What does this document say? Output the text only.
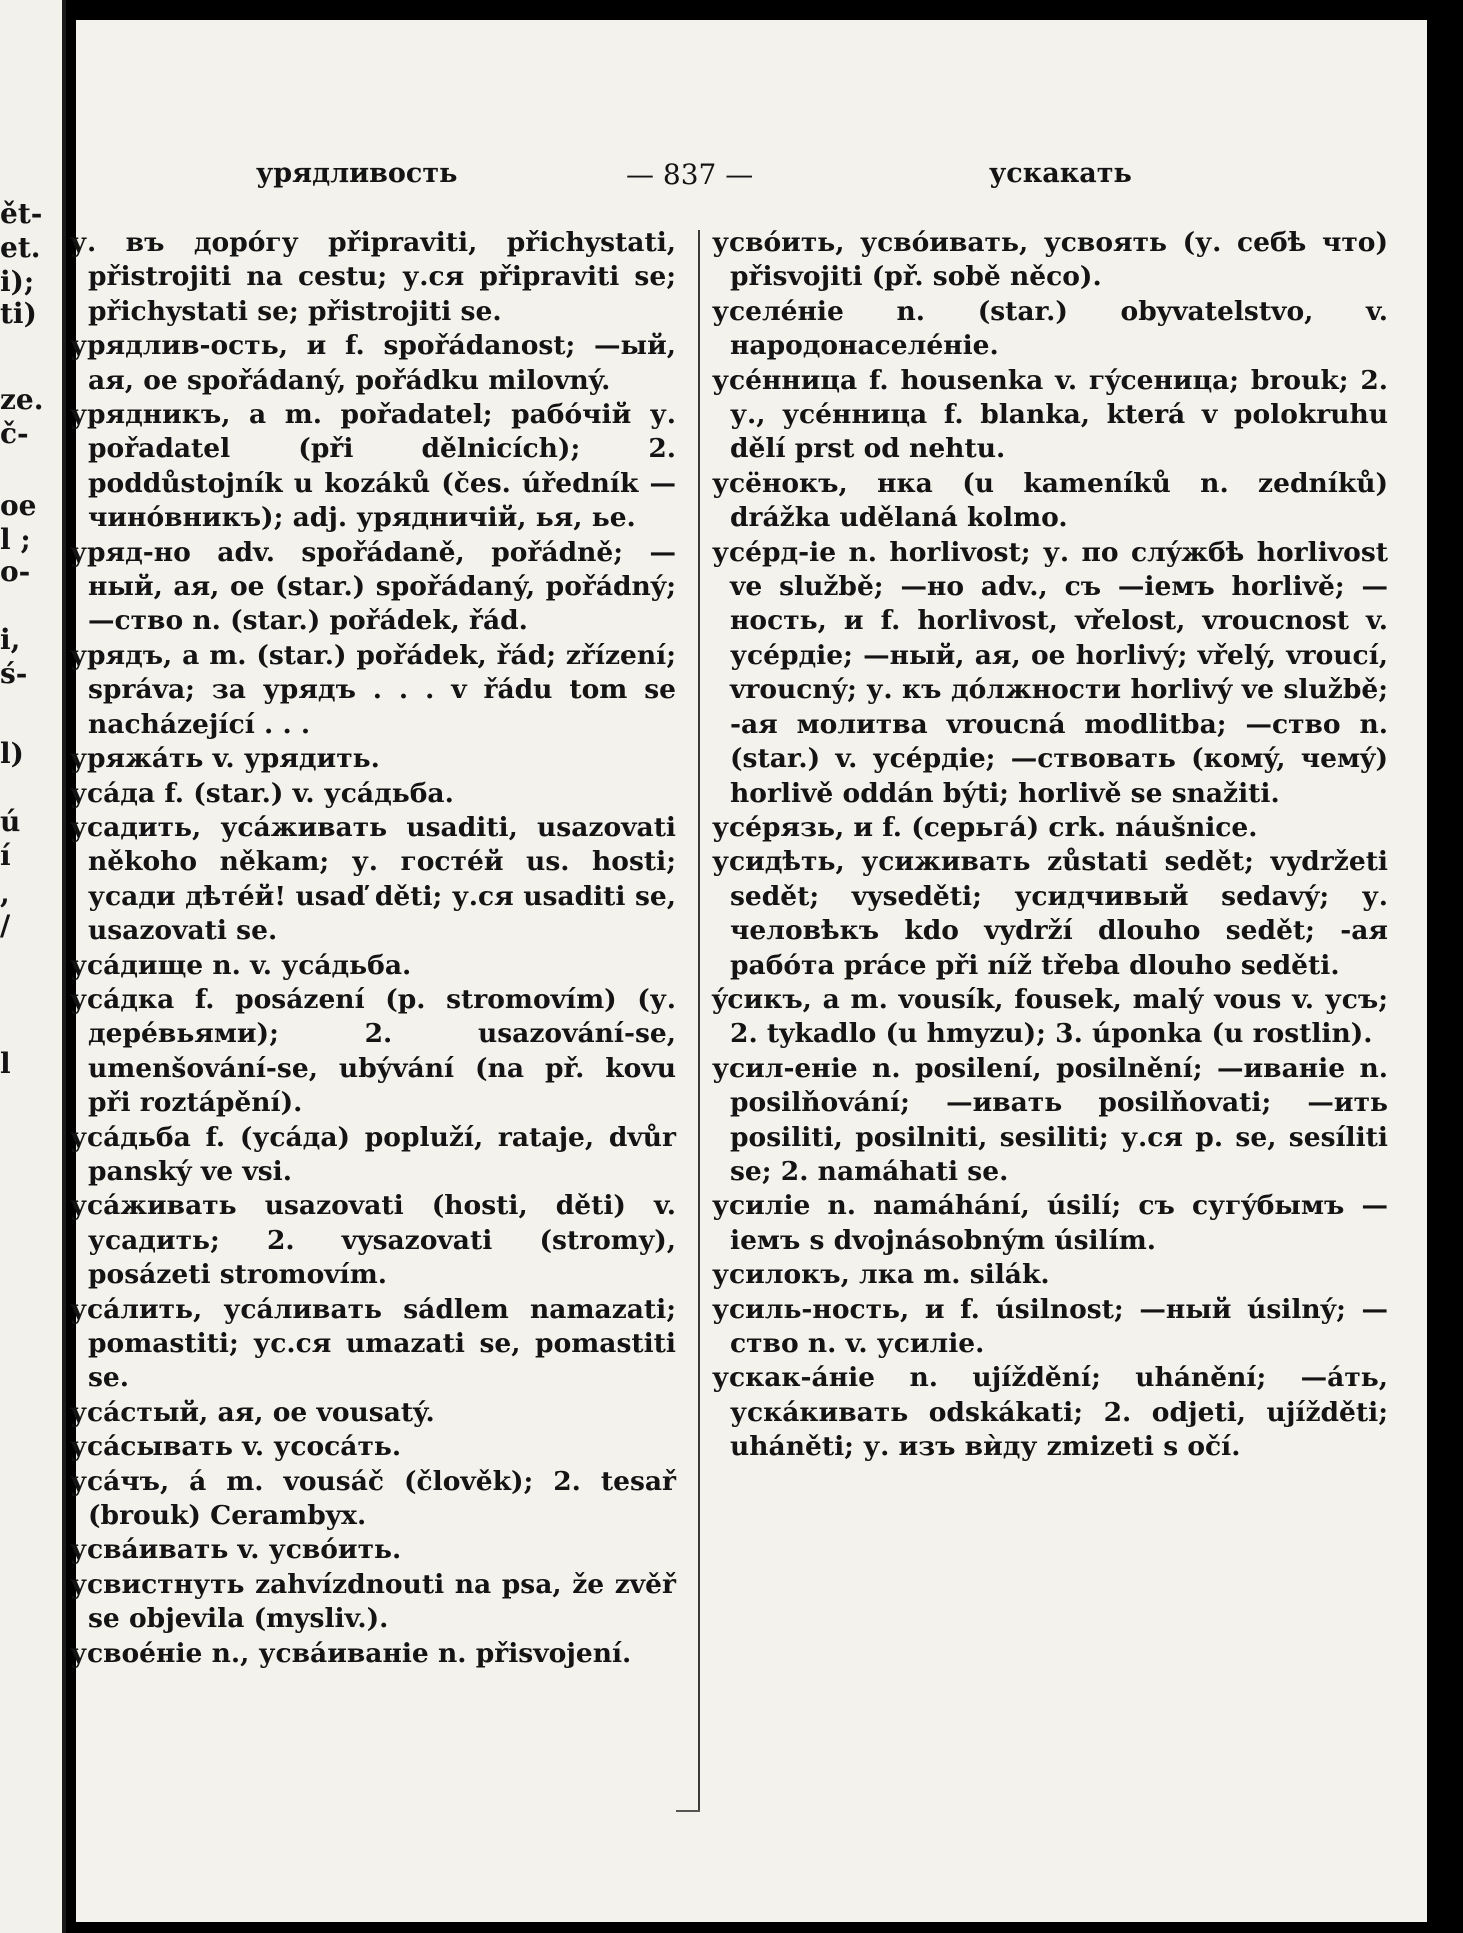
ět-
et.
i);
ti)
ze.
č-
oe
l ;
o-
i,
ś-
l)
ú
í
,
/
l
урядливость	— 837 —	ускакать

у. въ дорóгу připraviti, přichystati, přistrojiti na cestu; у.ся připraviti se; přichystati se; přistrojiti se.

урядлив-ость, и f. spořádanost; —ый, ая, ое spořádaný, pořádku milovný.

урядникъ, а m. pořadatel; рабóчій у. pořadatel (při dělnicích); 2. poddůstojník u kozáků (čes. úředník — чинóвникъ); adj. урядничій, ья, ье.

уряд-но adv. spořádaně, pořádně; —ный, ая, ое (star.) spořádaný, pořádný; —ство n. (star.) pořádek, řád.

урядъ, а m. (star.) pořádek, řád; zřízení; správa; за урядъ . . . v řádu tom se nacházející . . .

уряжáть v. урядить.

усáда f. (star.) v. усáдьба.

усадить, усáживать usaditi, usazovati někoho někam; у. гостéй us. hosti; усади дѣтéй! usaď děti; у.ся usaditi se, usazovati se.

усáдище n. v. усáдьба.

усáдка f. posázení (p. stromovím) (у. дерéвьями); 2. usazování-se, umenšování-se, ubývání (na př. kovu při roztápění).

усáдьба f. (усáда) popluží, rataje, dvůr panský ve vsi.

усáживать usazovati (hosti, děti) v. усадить; 2. vysazovati (stromy), posázeti stromovím.

усáлить, усáливать sádlem namazati; pomastiti; ус.ся umazati se, pomastiti se.

усáстый, ая, ое vousatý.

усáсывать v. усосáть.

усáчъ, á m. vousáč (člověk); 2. tesař (brouk) Cerambyx.

усвáивать v. усвóить.

усвистнуть zahvízdnouti na psa, že zvěř se objevila (mysliv.).

усвоéніе n., усвáиваніе n. přisvojení.

усвóить, усвóивать, усвоять (у. себѣ что) přisvojiti (př. sobě něco).

уселéніе n. (star.) obyvatelstvo, v. народонаселéніе.

усéнница f. housenka v. гýсеница; brouk; 2. у., усéнница f. blanka, která v polokruhu dělí prst od nehtu.

усёнокъ, нка (u kameníků n. zedníků) drážka udělaná kolmo.

усéрд-іе n. horlivost; у. по слýжбѣ horlivost ve službě; —но adv., съ —іемъ horlivě; —ность, и f. horlivost, vřelost, vroucnost v. усéрдіе; —ный, ая, ое horlivý; vřelý, vroucí, vroucný; у. къ дóлжности horlivý ve službě; -ая молитва vroucná modlitba; —ство n. (star.) v. усéрдіе; —ствовать (комý, чемý) horlivě oddán býti; horlivě se snažiti.

усéрязь, и f. (серьгá) crk. náušnice.

усидѣть, усиживать zůstati sedět; vydržeti sedět; vyseděti; усидчивый sedavý; у. человѣкъ kdo vydrží dlouho sedět; -ая рабóта práce při níž třeba dlouho seděti.

ýсикъ, а m. vousík, fousek, malý vous v. усъ; 2. tykadlo (u hmyzu); 3. úponka (u rostlin).

усил-еніе n. posilení, posilnění; —иваніе n. posilňování; —ивать posilňovati; —ить posiliti, posilniti, sesiliti; у.ся p. se, sesíliti se; 2. namáhati se.

усиліе n. namáhání, úsilí; съ сугýбымъ —іемъ s dvojnásobným úsilím.

усилокъ, лка m. silák.

усиль-ность, и f. úsilnost; —ный úsilný; —ство n. v. усиліе.

ускак-áніе n. ujíždění; uhánění; —áть, ускáкивать odskákati; 2. odjeti, ujížděti; uháněti; у. изъ вѝду zmizeti s očí.
